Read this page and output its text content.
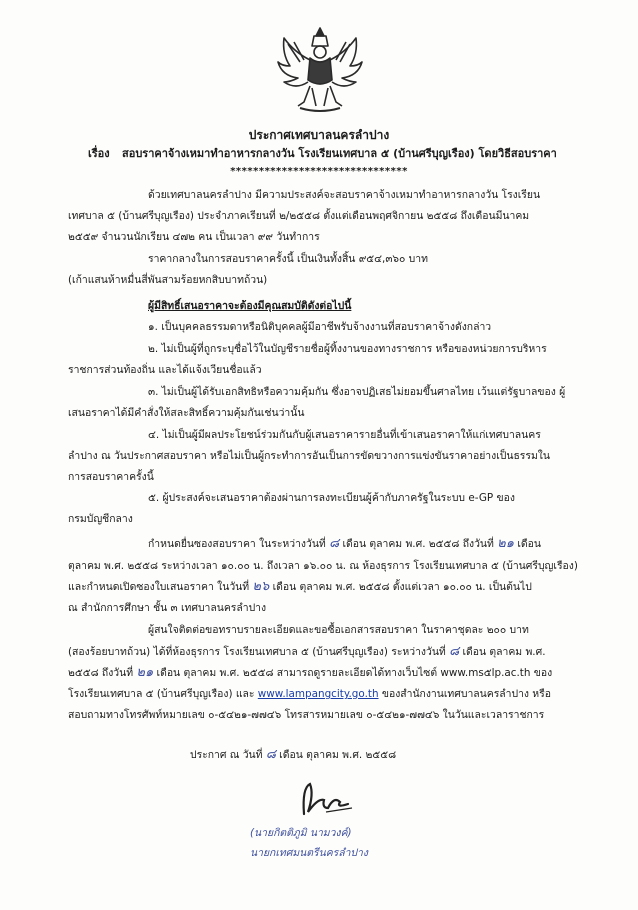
ประกาศเทศบาลนครลำปาง
เรื่อง สอบราคาจ้างเหมาทำอาหารกลางวัน โรงเรียนเทศบาล ๕ (บ้านศรีบุญเรือง) โดยวิธีสอบราคา
*******************************
ด้วยเทศบาลนครลำปาง มีความประสงค์จะสอบราคาจ้างเหมาทำอาหารกลางวัน โรงเรียน
เทศบาล ๕ (บ้านศรีบุญเรือง) ประจำภาคเรียนที่ ๒/๒๕๕๘ ตั้งแต่เดือนพฤศจิกายน ๒๕๕๘ ถึงเดือนมีนาคม
๒๕๕๙ จำนวนนักเรียน ๔๗๒ คน เป็นเวลา ๙๙ วันทำการ
ราคากลางในการสอบราคาครั้งนี้ เป็นเงินทั้งสิ้น ๙๕๔,๓๖๐ บาท
(เก้าแสนห้าหมื่นสี่พันสามร้อยหกสิบบาทถ้วน)
ผู้มีสิทธิ์เสนอราคาจะต้องมีคุณสมบัติดังต่อไปนี้
๑. เป็นบุคคลธรรมดาหรือนิติบุคคลผู้มีอาชีพรับจ้างงานที่สอบราคาจ้างดังกล่าว
๒. ไม่เป็นผู้ที่ถูกระบุชื่อไว้ในบัญชีรายชื่อผู้ทิ้งงานของทางราชการ หรือของหน่วยการบริหาร
ราชการส่วนท้องถิ่น และได้แจ้งเวียนชื่อแล้ว
๓. ไม่เป็นผู้ได้รับเอกสิทธิหรือความคุ้มกัน ซึ่งอาจปฏิเสธไม่ยอมขึ้นศาลไทย เว้นแต่รัฐบาลของ ผู้
เสนอราคาได้มีคำสั่งให้สละสิทธิ์ความคุ้มกันเช่นว่านั้น
๔. ไม่เป็นผู้มีผลประโยชน์ร่วมกันกับผู้เสนอราคารายอื่นที่เข้าเสนอราคาให้แก่เทศบาลนคร
ลำปาง ณ วันประกาศสอบราคา หรือไม่เป็นผู้กระทำการอันเป็นการขัดขวางการแข่งขันราคาอย่างเป็นธรรมใน
การสอบราคาครั้งนี้
๕. ผู้ประสงค์จะเสนอราคาต้องผ่านการลงทะเบียนผู้ค้ากับภาครัฐในระบบ e-GP ของ
กรมบัญชีกลาง
กำหนดยื่นซองสอบราคา ในระหว่างวันที่ ๘ เดือน ตุลาคม พ.ศ. ๒๕๕๘ ถึงวันที่ ๒๑ เดือน
ตุลาคม พ.ศ. ๒๕๕๘ ระหว่างเวลา ๑๐.๐๐ น. ถึงเวลา ๑๖.๐๐ น. ณ ห้องธุรการ โรงเรียนเทศบาล ๕ (บ้านศรีบุญเรือง)
และกำหนดเปิดซองใบเสนอราคา ในวันที่ ๒๖ เดือน ตุลาคม พ.ศ. ๒๕๕๘ ตั้งแต่เวลา ๑๐.๐๐ น. เป็นต้นไป
ณ สำนักการศึกษา ชั้น ๓ เทศบาลนครลำปาง
ผู้สนใจติดต่อขอทราบรายละเอียดและขอซื้อเอกสารสอบราคา ในราคาชุดละ ๒๐๐ บาท
(สองร้อยบาทถ้วน) ได้ที่ห้องธุรการ โรงเรียนเทศบาล ๕ (บ้านศรีบุญเรือง) ระหว่างวันที่ ๘ เดือน ตุลาคม พ.ศ.
๒๕๕๘ ถึงวันที่ ๒๑ เดือน ตุลาคม พ.ศ. ๒๕๕๘ สามารถดูรายละเอียดได้ทางเว็บไซต์ www.ms๕lp.ac.th ของ
โรงเรียนเทศบาล ๕ (บ้านศรีบุญเรือง) และ www.lampangcity.go.th ของสำนักงานเทศบาลนครลำปาง หรือ
สอบถามทางโทรศัพท์หมายเลข ๐-๕๔๒๑-๗๗๔๖ โทรสารหมายเลข ๐-๕๔๒๑-๗๗๔๖ ในวันและเวลาราชการ
ประกาศ ณ วันที่ ๘ เดือน ตุลาคม พ.ศ. ๒๕๕๘
(นายกิตติภูมิ นามวงค์)
นายกเทศมนตรีนครลำปาง
